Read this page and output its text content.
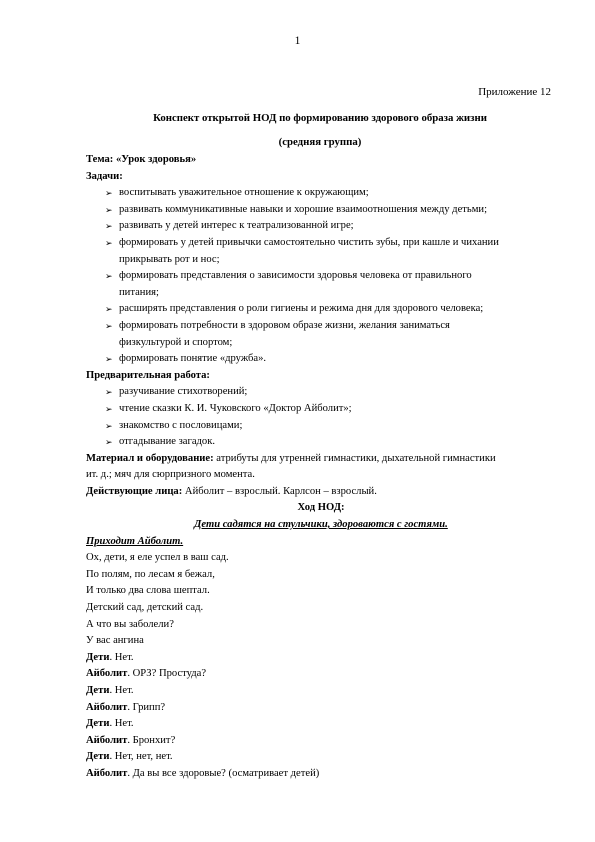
1
Приложение 12
Конспект открытой НОД по формированию здорового образа жизни
(средняя группа)
Тема: «Урок здоровья»
Задачи:
➢ воспитывать уважительное отношение к окружающим;
➢ развивать коммуникативные навыки и хорошие взаимоотношения между детьми;
➢ развивать у детей интерес к театрализованной игре;
➢ формировать у детей привычки самостоятельно чистить зубы, при кашле и чихании
прикрывать рот и нос;
➢ формировать представления о зависимости здоровья человека от правильного
питания;
➢ расширять представления о роли гигиены и режима дня для здорового человека;
➢ формировать потребности в здоровом образе жизни, желания заниматься
физкультурой и спортом;
➢ формировать понятие «дружба».
Предварительная работа:
➢ разучивание стихотворений;
➢ чтение сказки К. И. Чуковского «Доктор Айболит»;
➢ знакомство с пословицами;
➢ отгадывание загадок.
Материал и оборудование: атрибуты для утренней гимнастики, дыхательной гимнастики
ит. д.; мяч для сюрпризного момента.
Действующие лица: Айболит – взрослый. Карлсон – взрослый.
Ход НОД:
Дети садятся на стульчики, здороваются с гостями.
Приходит Айболит.
Ох, дети, я еле успел в ваш сад.
По полям, по лесам я бежал,
И только два слова шептал.
Детский сад, детский сад.
А что вы заболели?
У вас ангина
Дети. Нет.
Айболит. ОРЗ? Простуда?
Дети. Нет.
Айболит. Грипп?
Дети. Нет.
Айболит. Бронхит?
Дети. Нет, нет, нет.
Айболит. Да вы все здоровые? (осматривает детей)
